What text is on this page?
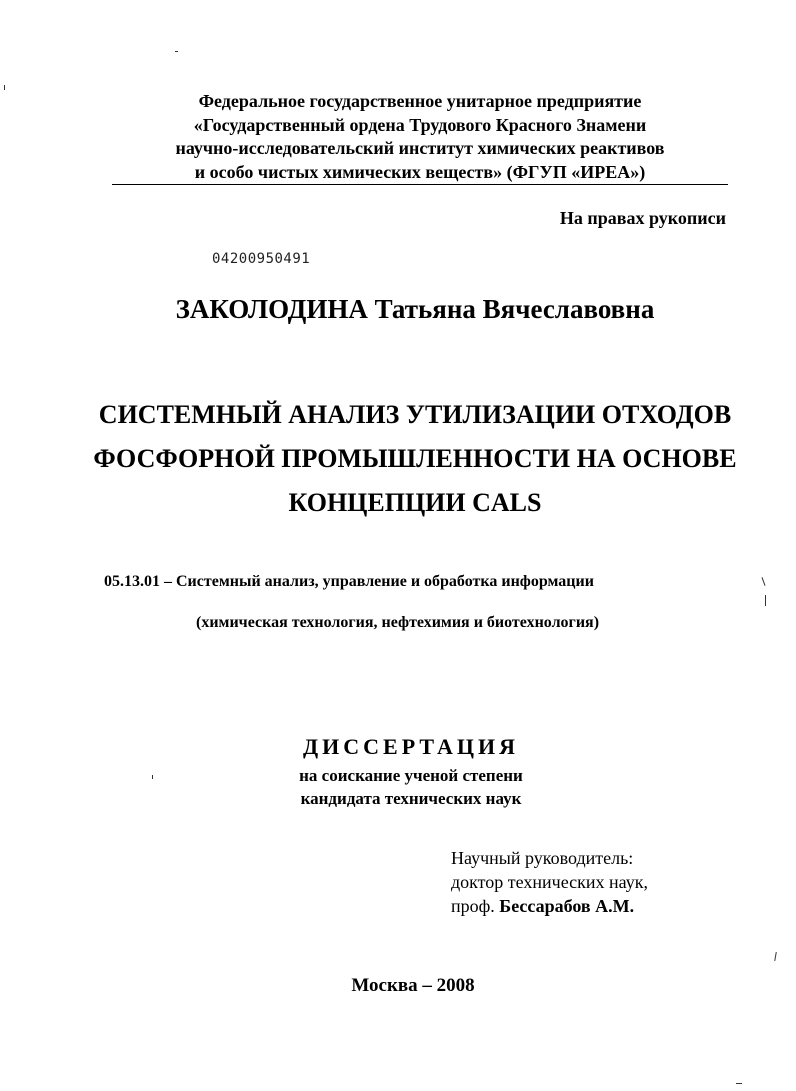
Федеральное государственное унитарное предприятие
«Государственный ордена Трудового Красного Знамени
научно-исследовательский институт химических реактивов
и особо чистых химических веществ» (ФГУП «ИРЕА»)
На правах рукописи
04200950491
ЗАКОЛОДИНА Татьяна Вячеславовна
СИСТЕМНЫЙ АНАЛИЗ УТИЛИЗАЦИИ ОТХОДОВ
ФОСФОРНОЙ ПРОМЫШЛЕННОСТИ НА ОСНОВЕ
КОНЦЕПЦИИ CALS
05.13.01 – Системный анализ, управление и обработка информации
(химическая технология, нефтехимия и биотехнология)
ДИССЕРТАЦИЯ
на соискание ученой степени
кандидата технических наук
Научный руководитель:
доктор технических наук,
проф. Бессарабов А.М.
Москва – 2008
